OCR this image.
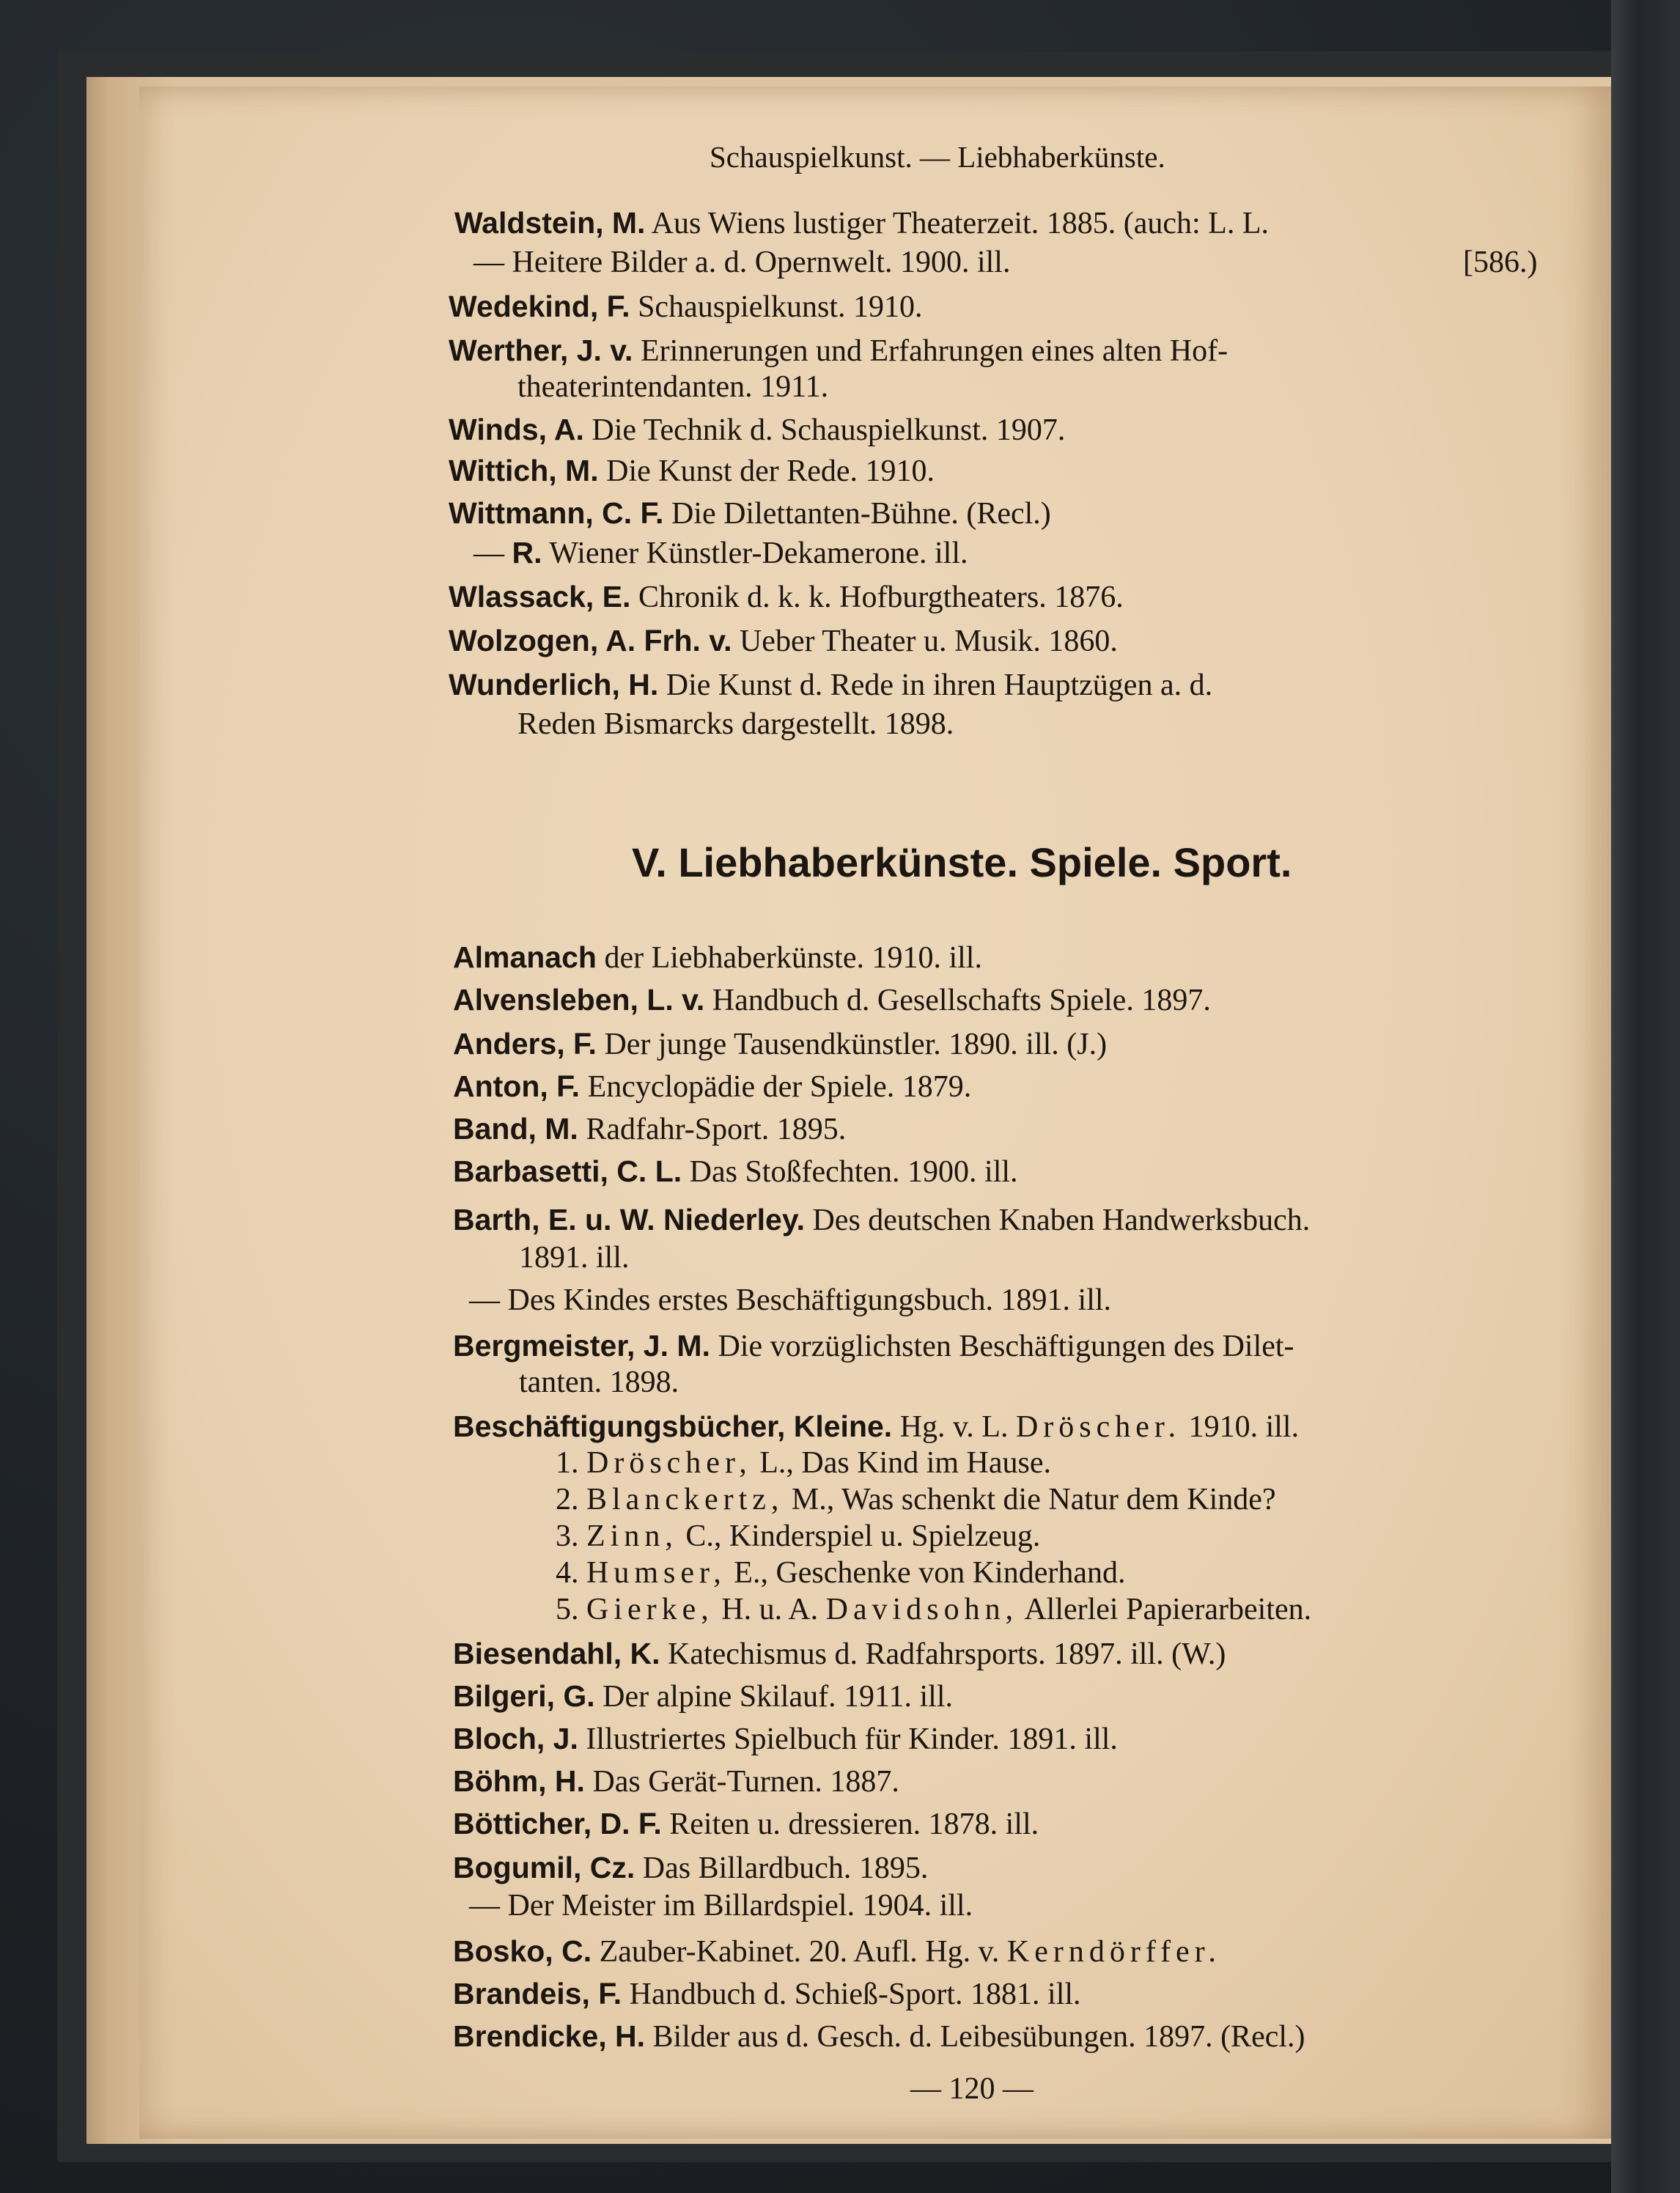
Schauspielkunst. — Liebhaberkünste.
Waldstein, M. Aus Wiens lustiger Theaterzeit. 1885. (auch: L. L.
— Heitere Bilder a. d. Opernwelt. 1900. ill.	[586.)
Wedekind, F. Schauspielkunst. 1910.
Werther, J. v. Erinnerungen und Erfahrungen eines alten Hof-
theaterintendanten. 1911.
Winds, A. Die Technik d. Schauspielkunst. 1907.
Wittich, M. Die Kunst der Rede. 1910.
Wittmann, C. F. Die Dilettanten-Bühne. (Recl.)
— R. Wiener Künstler-Dekamerone. ill.
Wlassack, E. Chronik d. k. k. Hofburgtheaters. 1876.
Wolzogen, A. Frh. v. Ueber Theater u. Musik. 1860.
Wunderlich, H. Die Kunst d. Rede in ihren Hauptzügen a. d.
Reden Bismarcks dargestellt. 1898.
V. Liebhaberkünste. Spiele. Sport.
Almanach der Liebhaberkünste. 1910. ill.
Alvensleben, L. v. Handbuch d. Gesellschafts Spiele. 1897.
Anders, F. Der junge Tausendkünstler. 1890. ill. (J.)
Anton, F. Encyclopädie der Spiele. 1879.
Band, M. Radfahr-Sport. 1895.
Barbasetti, C. L. Das Stoßfechten. 1900. ill.
Barth, E. u. W. Niederley. Des deutschen Knaben Handwerksbuch.
1891. ill.
— Des Kindes erstes Beschäftigungsbuch. 1891. ill.
Bergmeister, J. M. Die vorzüglichsten Beschäftigungen des Dilet-
tanten. 1898.
Beschäftigungsbücher, Kleine. Hg. v. L. Dröscher. 1910. ill.
1. Dröscher, L., Das Kind im Hause.
2. Blanckertz, M., Was schenkt die Natur dem Kinde?
3. Zinn, C., Kinderspiel u. Spielzeug.
4. Humser, E., Geschenke von Kinderhand.
5. Gierke, H. u. A. Davidsohn, Allerlei Papierarbeiten.
Biesendahl, K. Katechismus d. Radfahrsports. 1897. ill. (W.)
Bilgeri, G. Der alpine Skilauf. 1911. ill.
Bloch, J. Illustriertes Spielbuch für Kinder. 1891. ill.
Böhm, H. Das Gerät-Turnen. 1887.
Bötticher, D. F. Reiten u. dressieren. 1878. ill.
Bogumil, Cz. Das Billardbuch. 1895.
— Der Meister im Billardspiel. 1904. ill.
Bosko, C. Zauber-Kabinet. 20. Aufl. Hg. v. Kerndörffer.
Brandeis, F. Handbuch d. Schieß-Sport. 1881. ill.
Brendicke, H. Bilder aus d. Gesch. d. Leibesübungen. 1897. (Recl.)
— 120 —
